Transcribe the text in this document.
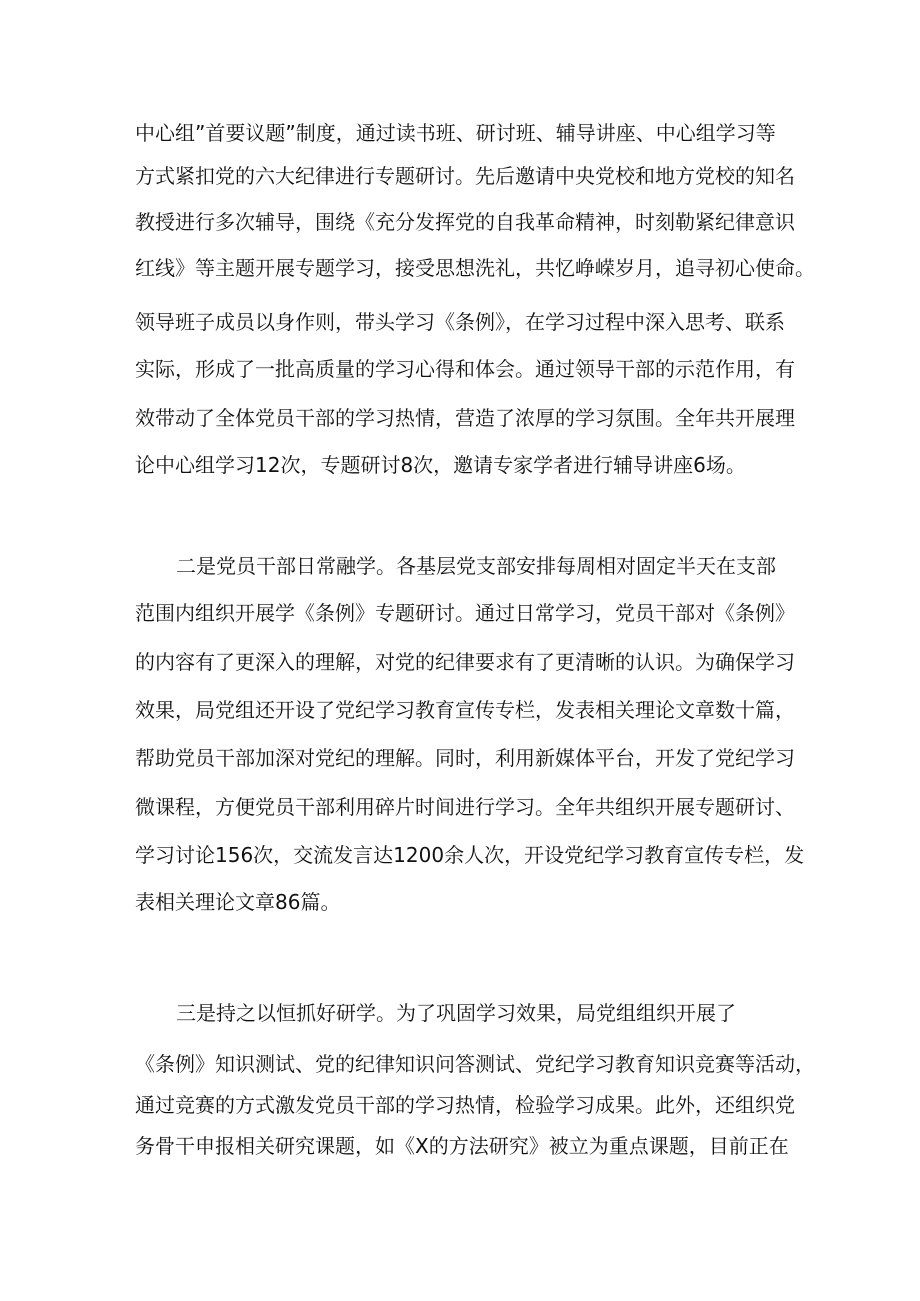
中心组”首要议题”制度，通过读书班、研讨班、辅导讲座、中心组学习等
方式紧扣党的六大纪律进行专题研讨。先后邀请中央党校和地方党校的知名
教授进行多次辅导，围绕《充分发挥党的自我革命精神，时刻勒紧纪律意识
红线》等主题开展专题学习，接受思想洗礼，共忆峥嵘岁月，追寻初心使命。
领导班子成员以身作则，带头学习《条例》，在学习过程中深入思考、联系
实际，形成了一批高质量的学习心得和体会。通过领导干部的示范作用，有
效带动了全体党员干部的学习热情，营造了浓厚的学习氛围。全年共开展理
论中心组学习12次，专题研讨8次，邀请专家学者进行辅导讲座6场。
二是党员干部日常融学。各基层党支部安排每周相对固定半天在支部
范围内组织开展学《条例》专题研讨。通过日常学习，党员干部对《条例》
的内容有了更深入的理解，对党的纪律要求有了更清晰的认识。为确保学习
效果，局党组还开设了党纪学习教育宣传专栏，发表相关理论文章数十篇，
帮助党员干部加深对党纪的理解。同时，利用新媒体平台，开发了党纪学习
微课程，方便党员干部利用碎片时间进行学习。全年共组织开展专题研讨、
学习讨论156次，交流发言达1200余人次，开设党纪学习教育宣传专栏，发
表相关理论文章86篇。
三是持之以恒抓好研学。为了巩固学习效果，局党组组织开展了
《条例》知识测试、党的纪律知识问答测试、党纪学习教育知识竞赛等活动，
通过竞赛的方式激发党员干部的学习热情，检验学习成果。此外，还组织党
务骨干申报相关研究课题，如《X的方法研究》被立为重点课题，目前正在
